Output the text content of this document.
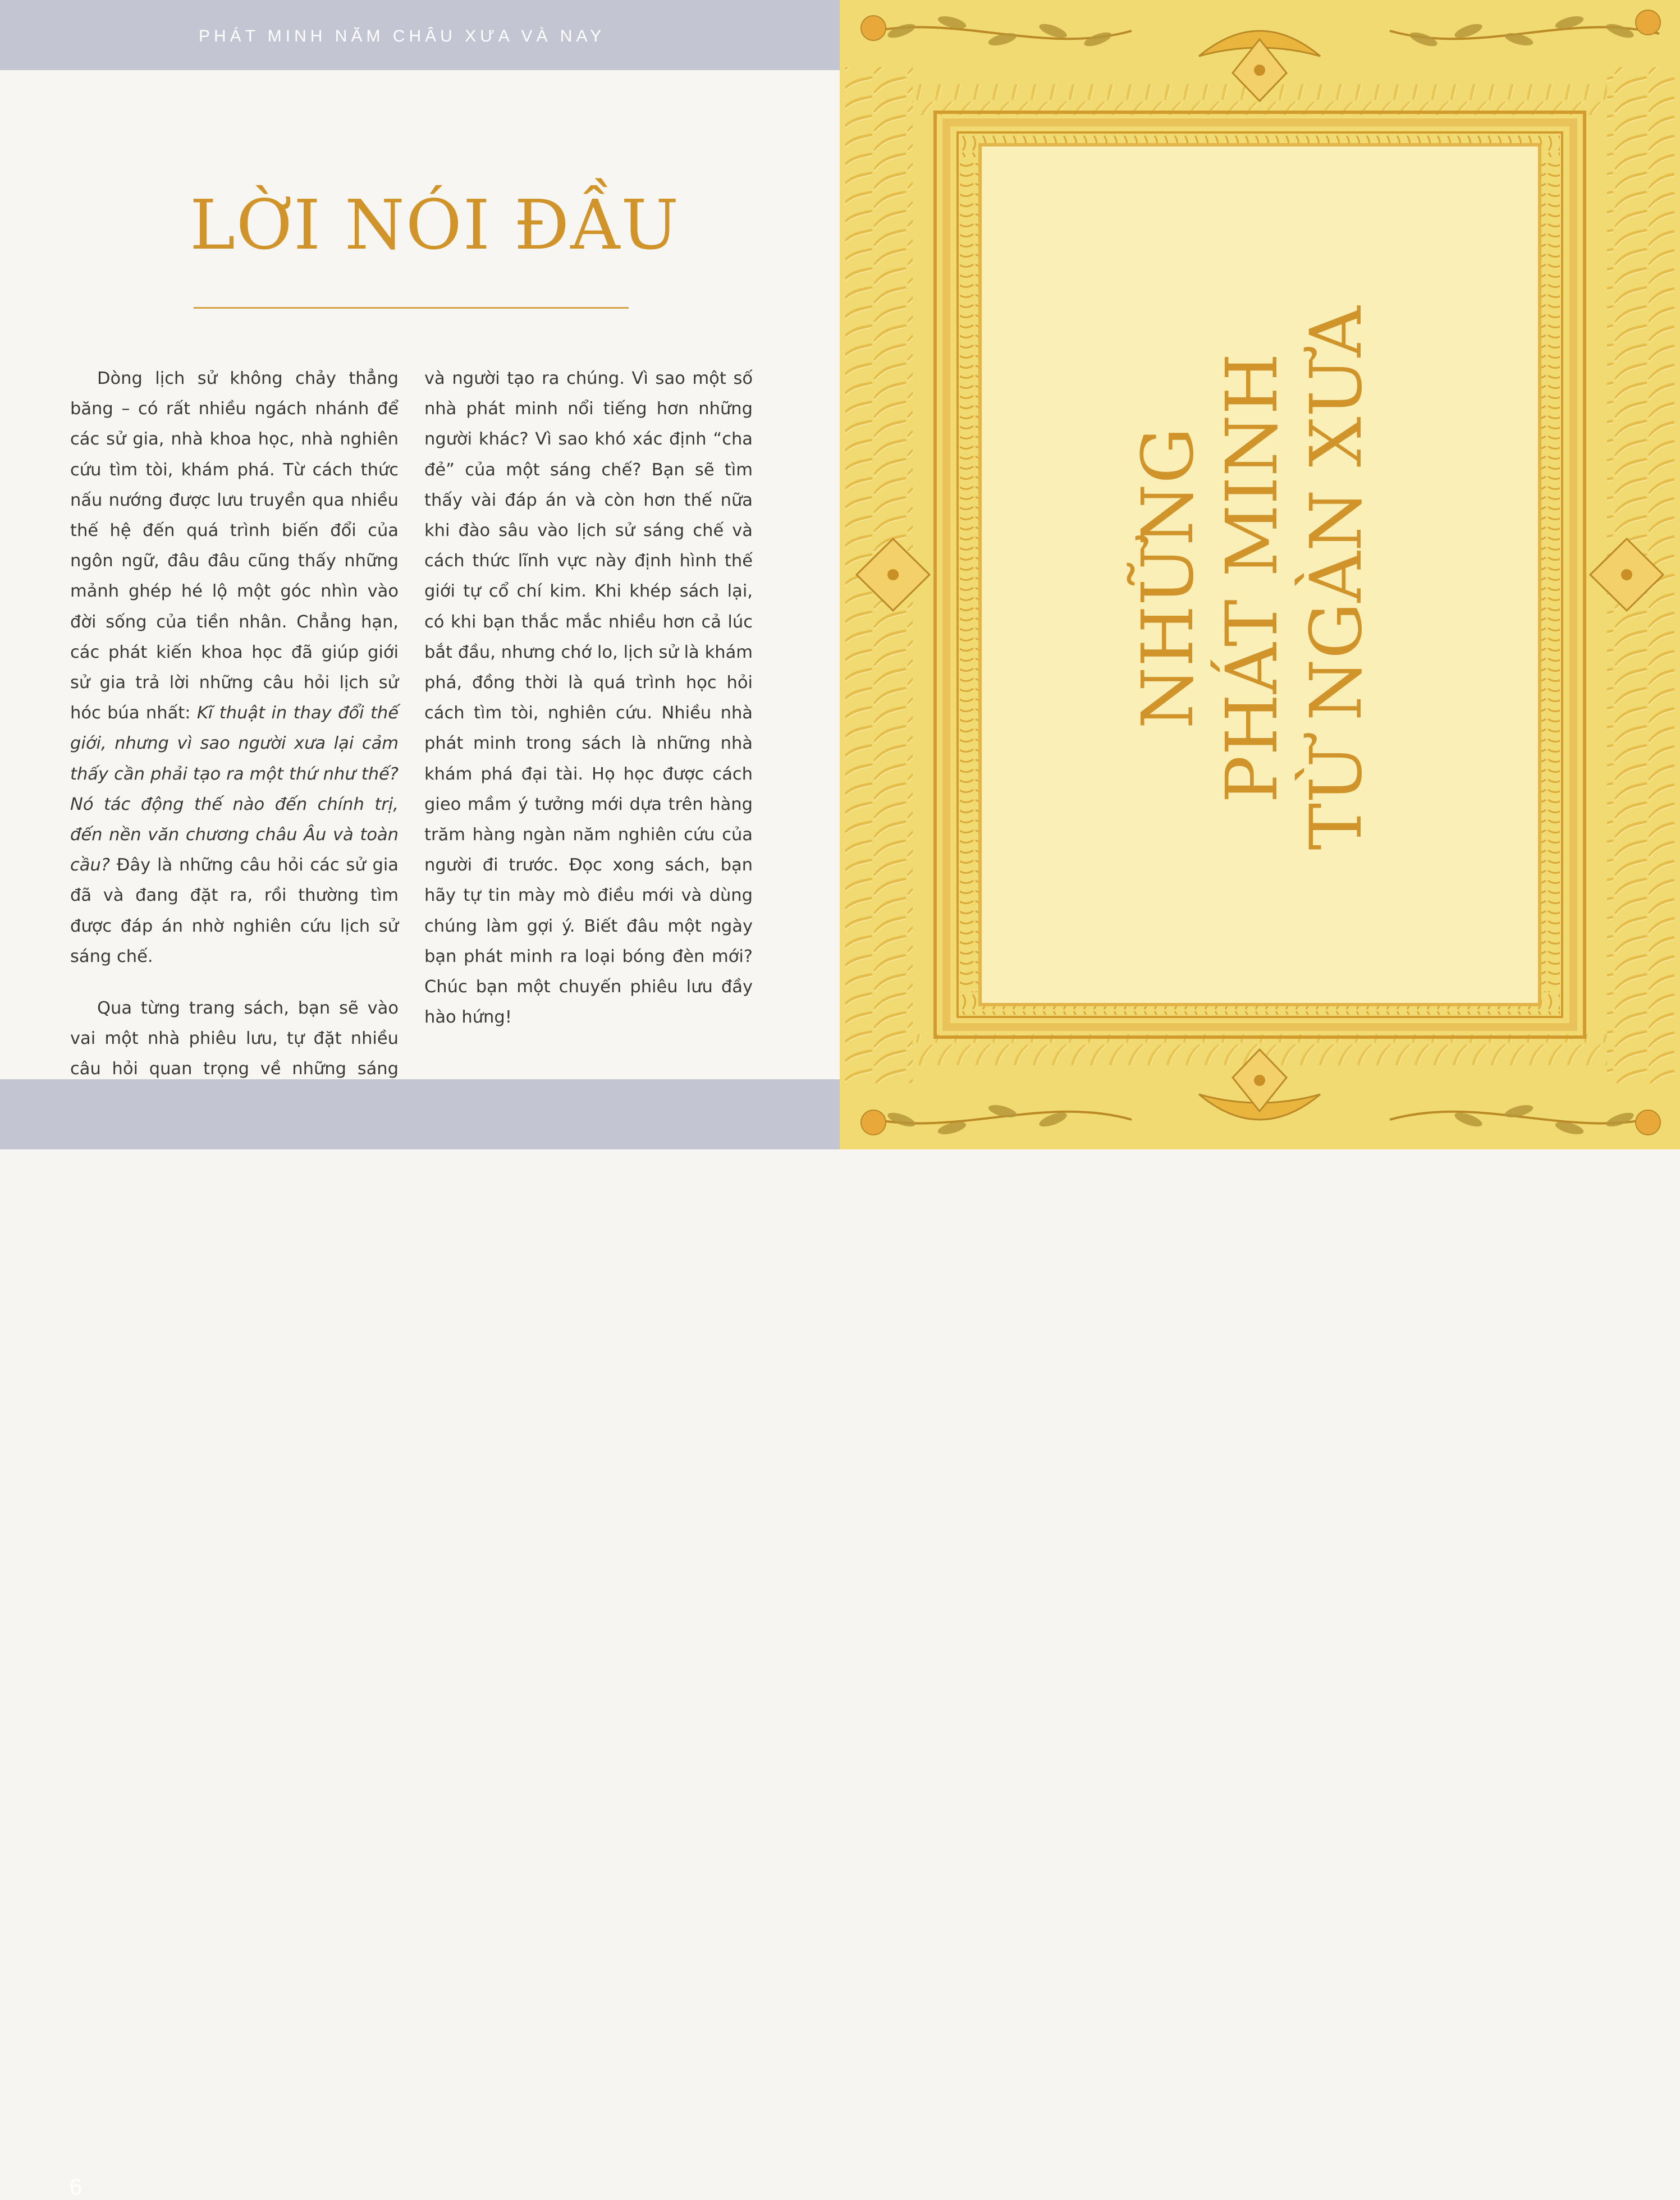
PHÁT MINH NĂM CHÂU XƯA VÀ NAY
LỜI NÓI ĐẦU

Dòng lịch sử không chảy thẳng băng – có rất nhiều ngách nhánh để các sử gia, nhà khoa học, nhà nghiên cứu tìm tòi, khám phá. Từ cách thức nấu nướng được lưu truyền qua nhiều thế hệ đến quá trình biến đổi của ngôn ngữ, đâu đâu cũng thấy những mảnh ghép hé lộ một góc nhìn vào đời sống của tiền nhân. Chẳng hạn, các phát kiến khoa học đã giúp giới sử gia trả lời những câu hỏi lịch sử hóc búa nhất: Kĩ thuật in thay đổi thế giới, nhưng vì sao người xưa lại cảm thấy cần phải tạo ra một thứ như thế? Nó tác động thế nào đến chính trị, đến nền văn chương châu Âu và toàn cầu? Đây là những câu hỏi các sử gia đã và đang đặt ra, rồi thường tìm được đáp án nhờ nghiên cứu lịch sử sáng chế.

Qua từng trang sách, bạn sẽ vào vai một nhà phiêu lưu, tự đặt nhiều câu hỏi quan trọng về những sáng

và người tạo ra chúng. Vì sao một số nhà phát minh nổi tiếng hơn những người khác? Vì sao khó xác định “cha đẻ” của một sáng chế? Bạn sẽ tìm thấy vài đáp án và còn hơn thế nữa khi đào sâu vào lịch sử sáng chế và cách thức lĩnh vực này định hình thế giới tự cổ chí kim. Khi khép sách lại, có khi bạn thắc mắc nhiều hơn cả lúc bắt đầu, nhưng chớ lo, lịch sử là khám phá, đồng thời là quá trình học hỏi cách tìm tòi, nghiên cứu. Nhiều nhà phát minh trong sách là những nhà khám phá đại tài. Họ học được cách gieo mầm ý tưởng mới dựa trên hàng trăm hàng ngàn năm nghiên cứu của người đi trước. Đọc xong sách, bạn hãy tự tin mày mò điều mới và dùng chúng làm gợi ý. Biết đâu một ngày bạn phát minh ra loại bóng đèn mới? Chúc bạn một chuyến phiêu lưu đầy hào hứng!

6
NHỮNG PHÁT MINH TỪ NGÀN XƯA
